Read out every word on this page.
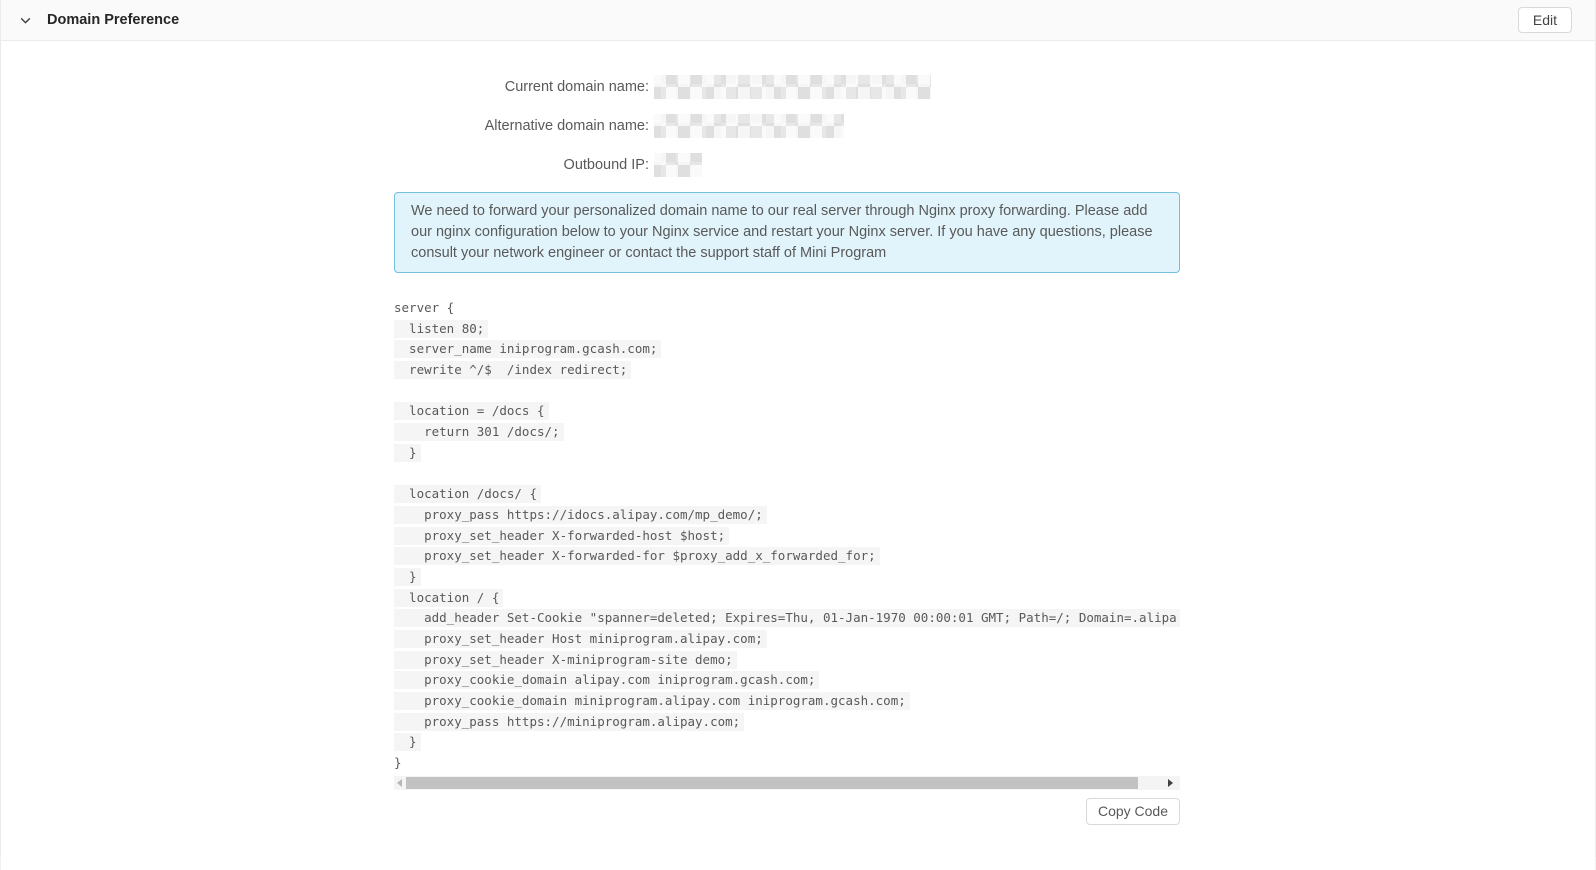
Domain Preference	Edit
Current domain name:
Alternative domain name:
Outbound IP:

We need to forward your personalized domain name to our real server through Nginx proxy forwarding. Please add our nginx configuration below to your Nginx service and restart your Nginx server. If you have any questions, please consult your network engineer or contact the support staff of Mini Program

server {
listen 80;
server_name iniprogram.gcash.com;
rewrite ^/$  /index redirect;
location = /docs {
return 301 /docs/;
}
location /docs/ {
proxy_pass https://idocs.alipay.com/mp_demo/;
proxy_set_header X-forwarded-host $host;
proxy_set_header X-forwarded-for $proxy_add_x_forwarded_for;
}
location / {
add_header Set-Cookie "spanner=deleted; Expires=Thu, 01-Jan-1970 00:00:01 GMT; Path=/; Domain=.alipa
proxy_set_header Host miniprogram.alipay.com;
proxy_set_header X-miniprogram-site demo;
proxy_cookie_domain alipay.com iniprogram.gcash.com;
proxy_cookie_domain miniprogram.alipay.com iniprogram.gcash.com;
proxy_pass https://miniprogram.alipay.com;
}
}
Copy Code
